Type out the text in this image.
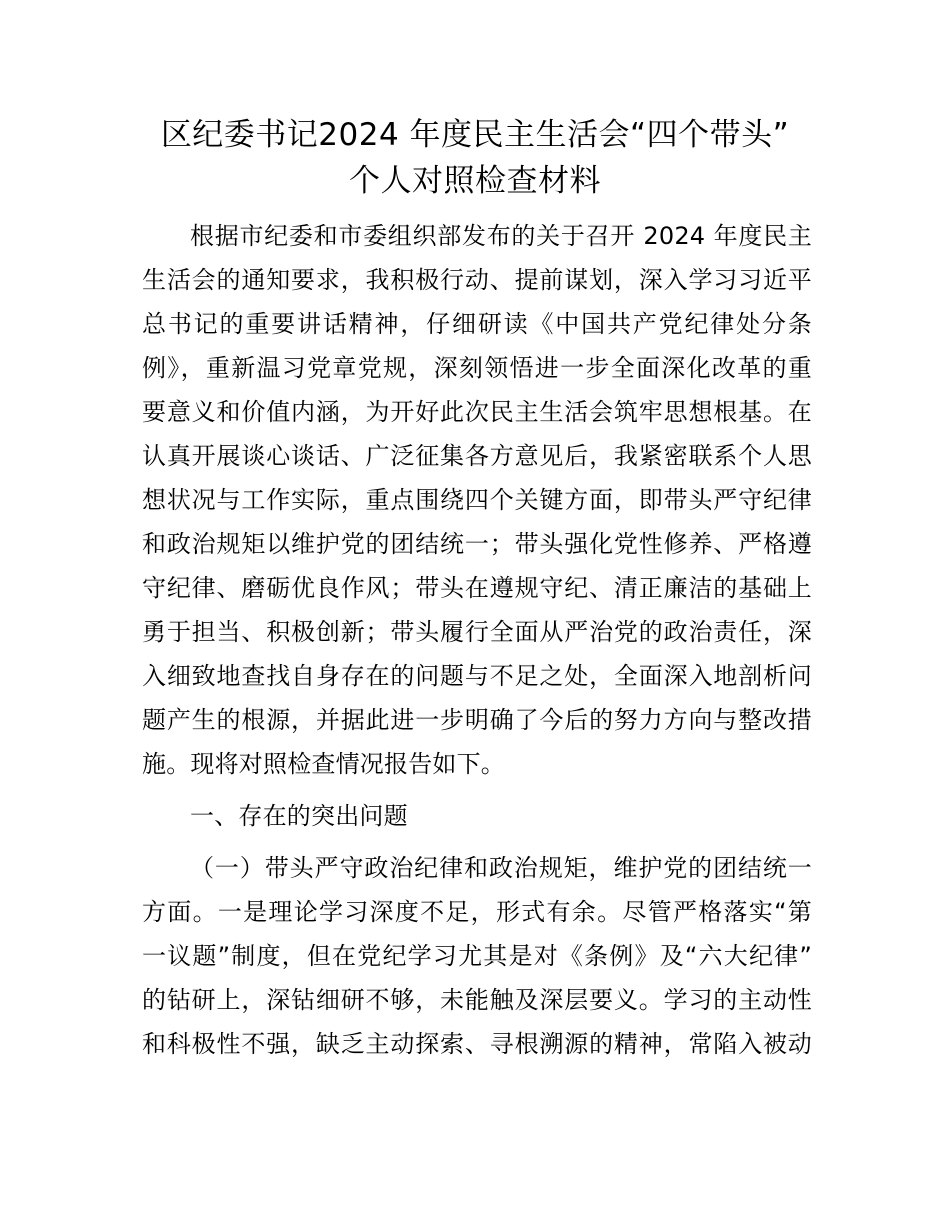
区纪委书记2024 年度民主生活会“四个带头”
个人对照检查材料
根据市纪委和市委组织部发布的关于召开 2024 年度民主
生活会的通知要求，我积极行动、提前谋划，深入学习习近平
总书记的重要讲话精神，仔细研读《中国共产党纪律处分条
例》，重新温习党章党规，深刻领悟进一步全面深化改革的重
要意义和价值内涵，为开好此次民主生活会筑牢思想根基。在
认真开展谈心谈话、广泛征集各方意见后，我紧密联系个人思
想状况与工作实际，重点围绕四个关键方面，即带头严守纪律
和政治规矩以维护党的团结统一；带头强化党性修养、严格遵
守纪律、磨砺优良作风；带头在遵规守纪、清正廉洁的基础上
勇于担当、积极创新；带头履行全面从严治党的政治责任，深
入细致地查找自身存在的问题与不足之处，全面深入地剖析问
题产生的根源，并据此进一步明确了今后的努力方向与整改措
施。现将对照检查情况报告如下。
一、存在的突出问题
（一）带头严守政治纪律和政治规矩，维护党的团结统一
方面。一是理论学习深度不足，形式有余。尽管严格落实“第
一议题”制度，但在党纪学习尤其是对《条例》及“六大纪律”
的钻研上，深钻细研不够，未能触及深层要义。学习的主动性
和科极性不强，缺乏主动探索、寻根溯源的精神，常陷入被动
